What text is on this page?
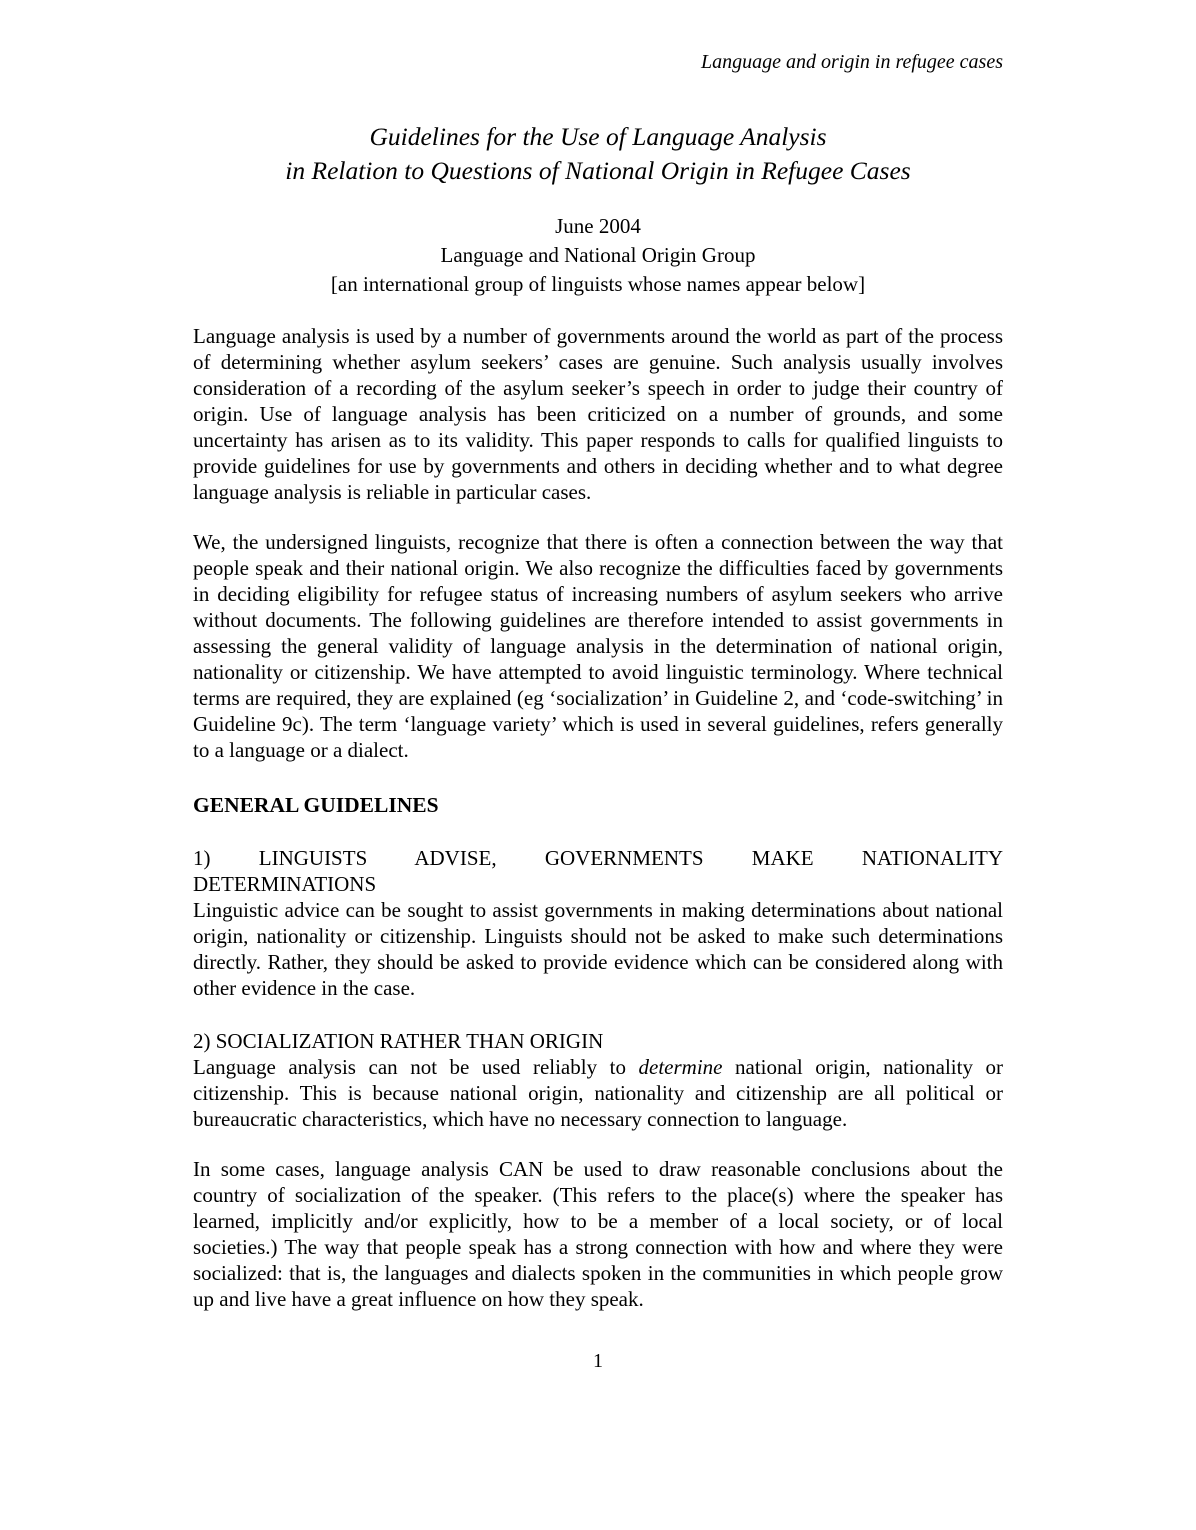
Language and origin in refugee cases
Guidelines for the Use of Language Analysis
in Relation to Questions of National Origin in Refugee Cases
June 2004
Language and National Origin Group
[an international group of linguists whose names appear below]

Language analysis is used by a number of governments around the world as part of the process of determining whether asylum seekers’ cases are genuine. Such analysis usually involves consideration of a recording of the asylum seeker’s speech in order to judge their country of origin. Use of language analysis has been criticized on a number of grounds, and some uncertainty has arisen as to its validity. This paper responds to calls for qualified linguists to provide guidelines for use by governments and others in deciding whether and to what degree language analysis is reliable in particular cases.

We, the undersigned linguists, recognize that there is often a connection between the way that people speak and their national origin. We also recognize the difficulties faced by governments in deciding eligibility for refugee status of increasing numbers of asylum seekers who arrive without documents. The following guidelines are therefore intended to assist governments in assessing the general validity of language analysis in the determination of national origin, nationality or citizenship. We have attempted to avoid linguistic terminology. Where technical terms are required, they are explained (eg ‘socialization’ in Guideline 2, and ‘code-switching’ in Guideline 9c). The term ‘language variety’ which is used in several guidelines, refers generally to a language or a dialect.

GENERAL GUIDELINES
1) LINGUISTS ADVISE, GOVERNMENTS MAKE NATIONALITY
DETERMINATIONS

Linguistic advice can be sought to assist governments in making determinations about national origin, nationality or citizenship. Linguists should not be asked to make such determinations directly. Rather, they should be asked to provide evidence which can be considered along with other evidence in the case.

2) SOCIALIZATION RATHER THAN ORIGIN

Language analysis can not be used reliably to determine national origin, nationality or citizenship. This is because national origin, nationality and citizenship are all political or bureaucratic characteristics, which have no necessary connection to language.

In some cases, language analysis CAN be used to draw reasonable conclusions about the country of socialization of the speaker. (This refers to the place(s) where the speaker has learned, implicitly and/or explicitly, how to be a member of a local society, or of local societies.) The way that people speak has a strong connection with how and where they were socialized: that is, the languages and dialects spoken in the communities in which people grow up and live have a great influence on how they speak.

1
